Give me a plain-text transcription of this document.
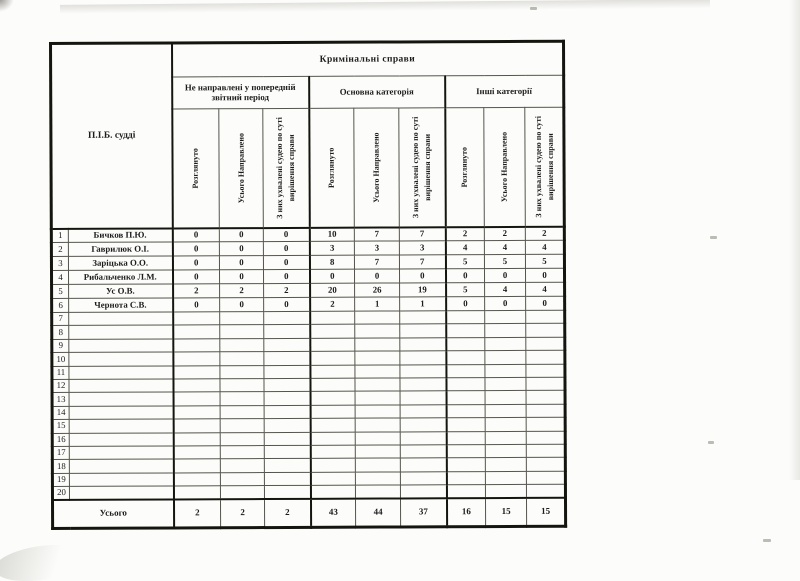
П.І.Б. судді		Кримінальні справи								
		Не направлені у попередній звітний період			Основна категорія			Інші категорії		

		Розглянуто	Усього Направлено	З них ухвалені судею по суті вирішення справи	Розглянуто	Усього Направлено	З них ухвалені судею по суті вирішення справи	Розглянуто	Усього Направлено	З них ухвалені судею по суті вирішення справи

1	Бичков П.Ю.	0	0	0	10	7	7	2	2	2
2	Гаврилюк О.І.	0	0	0	3	3	3	4	4	4
3	Заріцька О.О.	0	0	0	8	7	7	5	5	5
4	Рибальченко Л.М.	0	0	0	0	0	0	0	0	0
5	Ус О.В.	2	2	2	20	26	19	5	4	4
6	Чернота С.В.	0	0	0	2	1	1	0	0	0
7										
8										
9										
10										
11										
12										
13										
14										
15										
16										
17										
18										
19										
20										
Усього		2	2	2	43	44	37	16	15	15
